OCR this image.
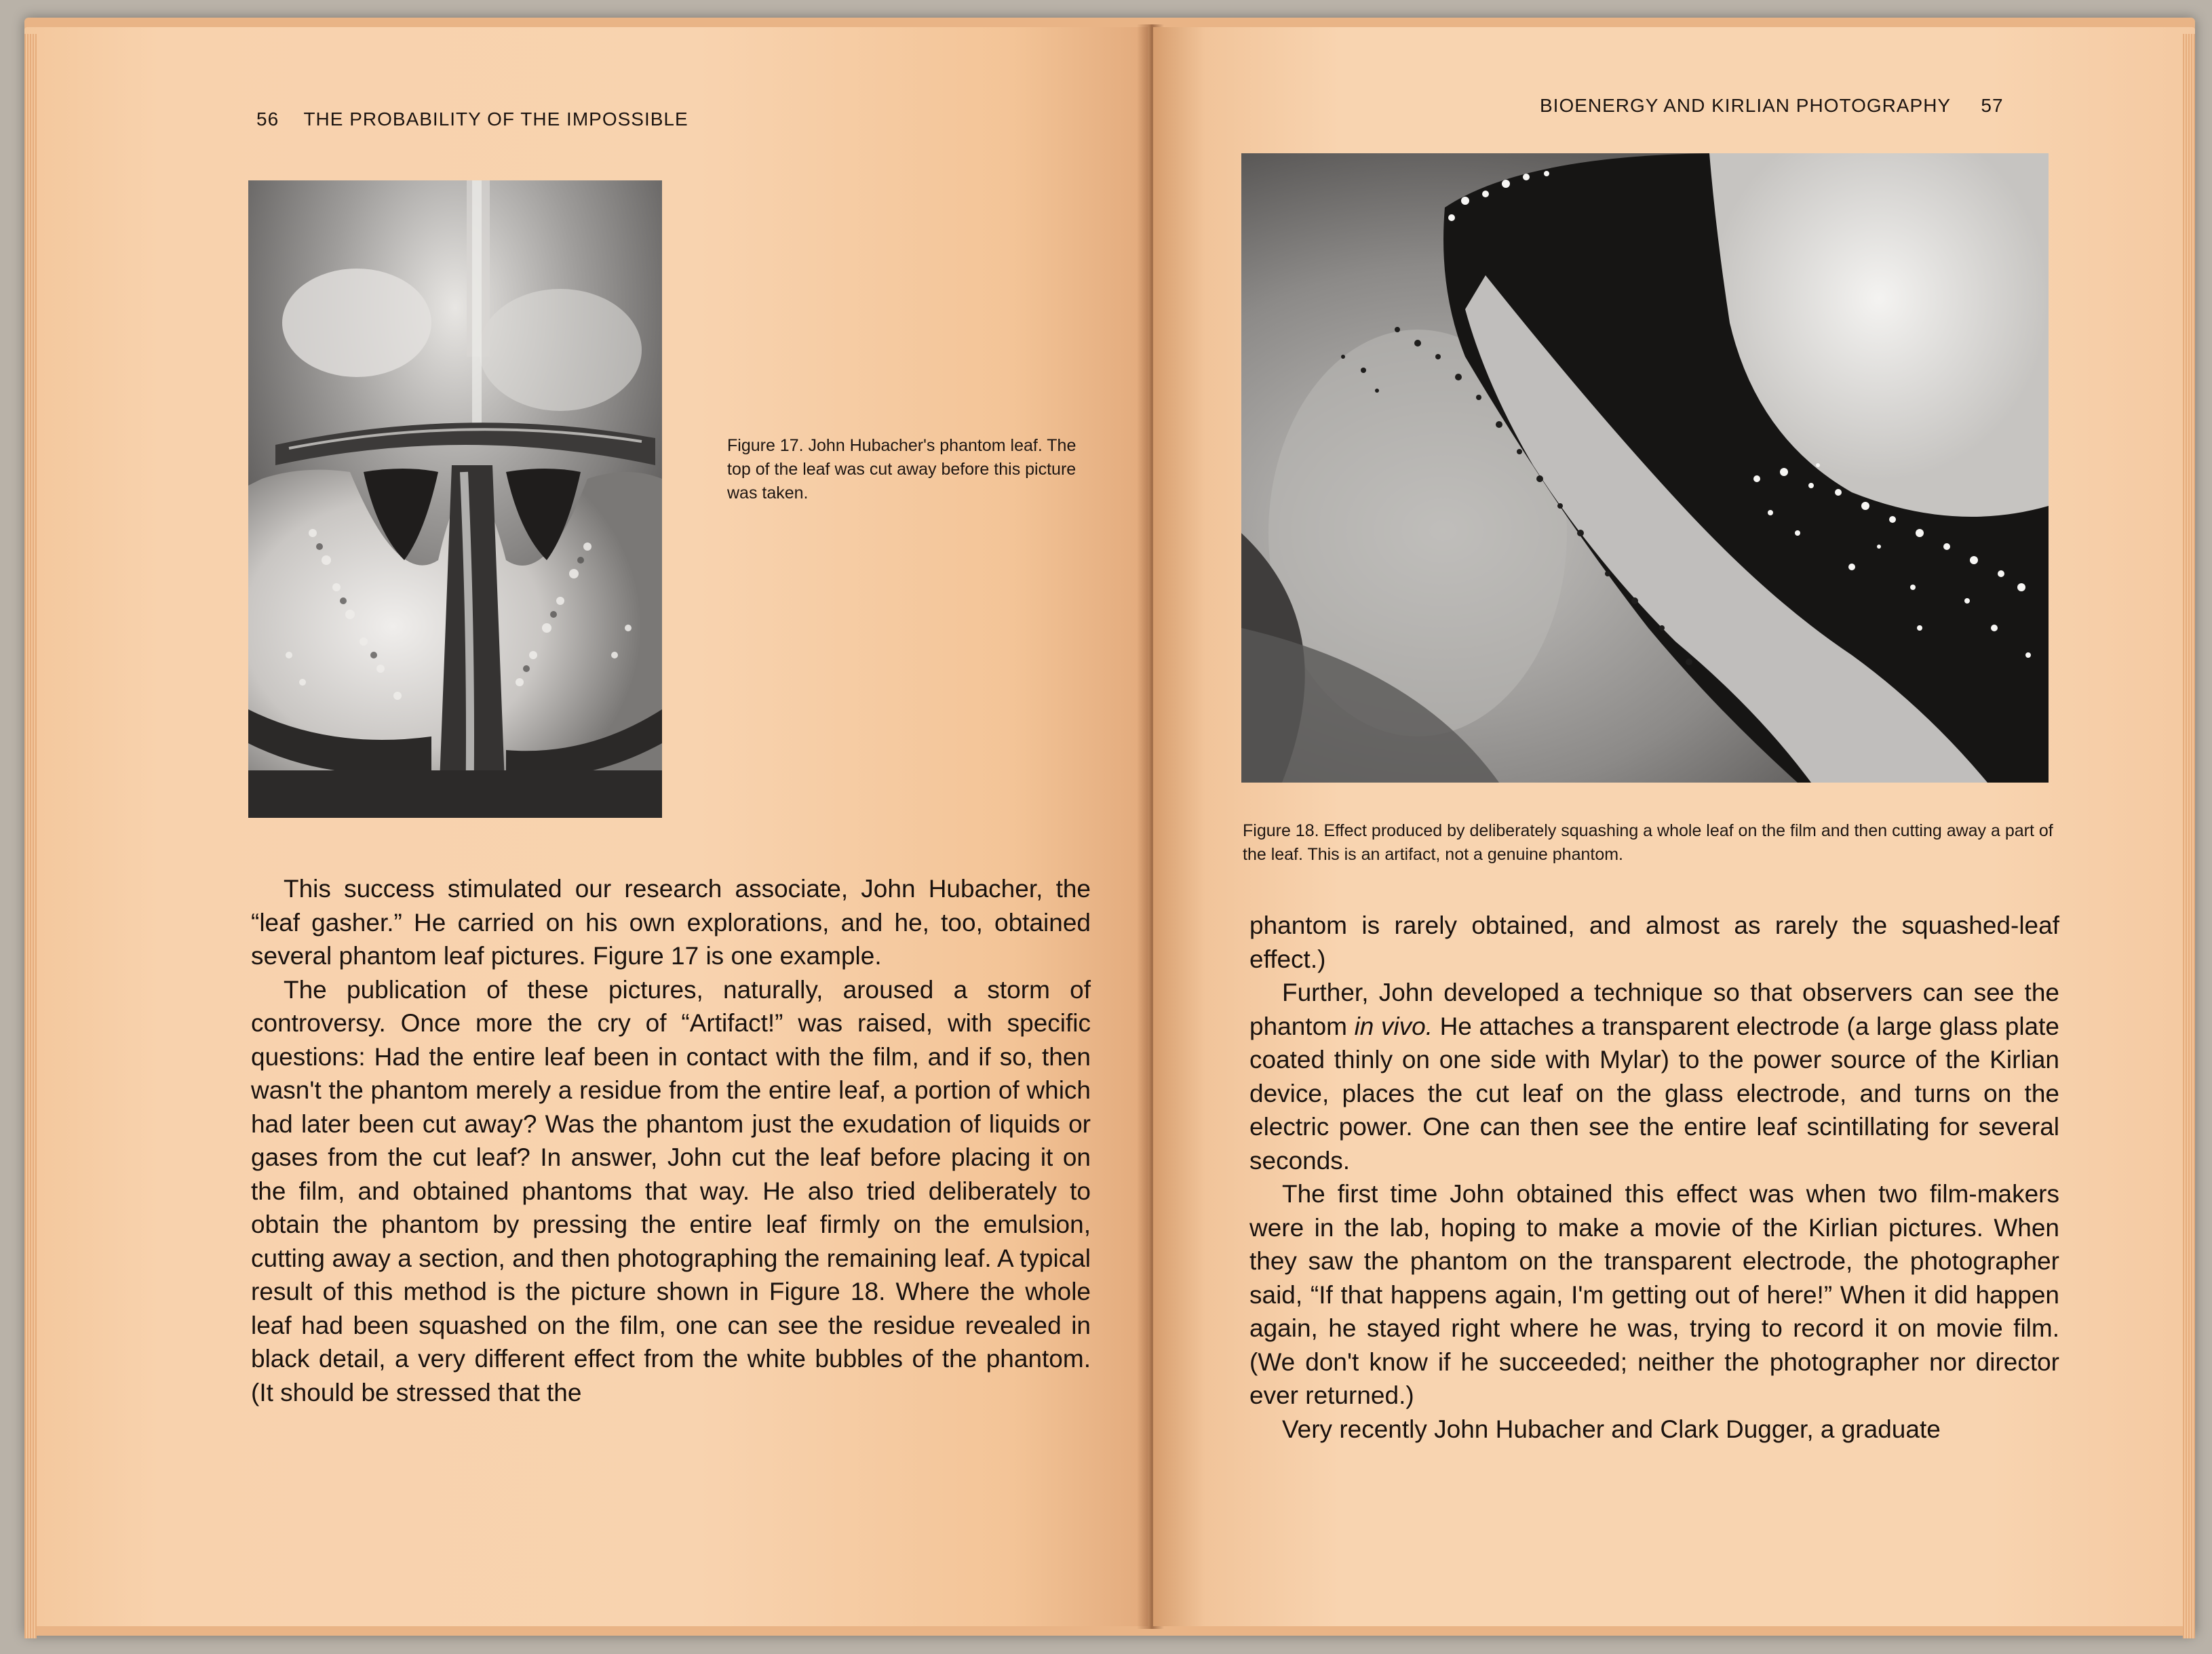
56 THE PROBABILITY OF THE IMPOSSIBLE
Figure 17. John Hubacher's phantom leaf. The top of the leaf was cut away before this picture was taken.

This success stimulated our research associate, John Hubacher, the “leaf gasher.” He carried on his own explorations, and he, too, obtained several phantom leaf pictures. Figure 17 is one example.

The publication of these pictures, naturally, aroused a storm of controversy. Once more the cry of “Artifact!” was raised, with specific questions: Had the entire leaf been in contact with the film, and if so, then wasn't the phantom merely a residue from the entire leaf, a portion of which had later been cut away? Was the phantom just the exudation of liquids or gases from the cut leaf? In answer, John cut the leaf before placing it on the film, and obtained phantoms that way. He also tried deliberately to obtain the phantom by pressing the entire leaf firmly on the emulsion, cutting away a section, and then photographing the remaining leaf. A typical result of this method is the picture shown in Figure 18. Where the whole leaf had been squashed on the film, one can see the residue revealed in black detail, a very different effect from the white bubbles of the phantom. (It should be stressed that the

BIOENERGY AND KIRLIAN PHOTOGRAPHY 57
Figure 18. Effect produced by deliberately squashing a whole leaf on the film and then cutting away a part of the leaf. This is an artifact, not a genuine phantom.

phantom is rarely obtained, and almost as rarely the squashed-leaf effect.)

Further, John developed a technique so that observers can see the phantom in vivo. He attaches a transparent electrode (a large glass plate coated thinly on one side with Mylar) to the power source of the Kirlian device, places the cut leaf on the glass electrode, and turns on the electric power. One can then see the entire leaf scintillating for several seconds.

The first time John obtained this effect was when two film-makers were in the lab, hoping to make a movie of the Kirlian pictures. When they saw the phantom on the transparent electrode, the photographer said, “If that happens again, I'm getting out of here!” When it did happen again, he stayed right where he was, trying to record it on movie film. (We don't know if he succeeded; neither the photographer nor director ever returned.)

Very recently John Hubacher and Clark Dugger, a graduate
